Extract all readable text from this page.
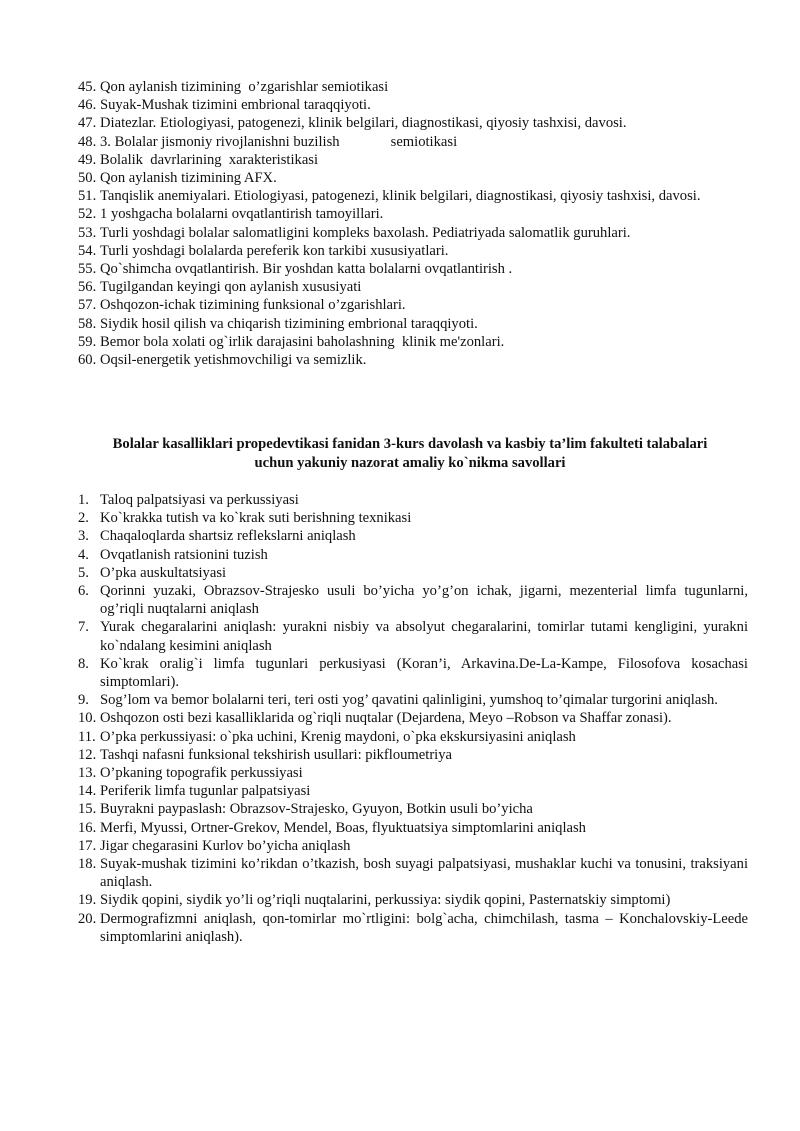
45. Qon aylanish tizimining  o’zgarishlar semiotikasi
46. Suyak-Mushak tizimini embrional taraqqiyoti.
47. Diatezlar. Etiologiyasi, patogenezi, klinik belgilari, diagnostikasi, qiyosiy tashxisi, davosi.
48. 3. Bolalar jismoniy rivojlanishni buzilish              semiotikasi
49. Bolalik  davrlarining  xarakteristikasi
50. Qon aylanish tizimining AFX.
51. Tanqislik anemiyalari. Etiologiyasi, patogenezi, klinik belgilari, diagnostikasi, qiyosiy tashxisi, davosi.
52. 1 yoshgacha bolalarni ovqatlantirish tamoyillari.
53. Turli yoshdagi bolalar salomatligini kompleks baxolash. Pediatriyada salomatlik guruhlari.
54. Turli yoshdagi bolalarda pereferik kon tarkibi xususiyatlari.
55. Qo`shimcha ovqatlantirish. Bir yoshdan katta bolalarni ovqatlantirish .
56. Tugilgandan keyingi qon aylanish xususiyati
57. Oshqozon-ichak tizimining funksional o’zgarishlari.
58. Siydik hosil qilish va chiqarish tizimining embrional taraqqiyoti.
59. Bemor bola xolati og`irlik darajasini baholashning  klinik me'zonlari.
60. Oqsil-energetik yetishmovchiligi va semizlik.
Bolalar kasalliklari propedevtikasi fanidan 3-kurs davolash va kasbiy ta’lim fakulteti talabalari
uchun yakuniy nazorat amaliy ko`nikma savollari
1. Taloq palpatsiyasi va perkussiyasi
2. Ko`krakka tutish va ko`krak suti berishning texnikasi
3. Chaqaloqlarda shartsiz reflekslarni aniqlash
4. Ovqatlanish ratsionini tuzish
5. O’pka auskultatsiyasi
6. Qorinni yuzaki, Obrazsov-Strajesko usuli bo’yicha yo’g’on ichak, jigarni, mezenterial limfa tugunlarni, og’riqli nuqtalarni aniqlash
7. Yurak chegaralarini aniqlash: yurakni nisbiy va absolyut chegaralarini, tomirlar tutami kengligini, yurakni ko`ndalang kesimini aniqlash
8. Ko`krak oralig`i limfa tugunlari perkusiyasi (Koran’i, Arkavina.De-La-Kampe, Filosofova kosachasi simptomlari).
9. Sog’lom va bemor bolalarni teri, teri osti yog’ qavatini qalinligini, yumshoq to’qimalar turgorini aniqlash.
10. Oshqozon osti bezi kasalliklarida og`riqli nuqtalar (Dejardena, Meyo –Robson va Shaffar zonasi).
11. O’pka perkussiyasi: o`pka uchini, Krenig maydoni, o`pka ekskursiyasini aniqlash
12. Tashqi nafasni funksional tekshirish usullari: pikfloumetriya
13. O’pkaning topografik perkussiyasi
14. Periferik limfa tugunlar palpatsiyasi
15. Buyrakni paypaslash: Obrazsov-Strajesko, Gyuyon, Botkin usuli bo’yicha
16. Merfi, Myussi, Ortner-Grekov, Mendel, Boas, flyuktuatsiya simptomlarini aniqlash
17. Jigar chegarasini Kurlov bo’yicha aniqlash
18. Suyak-mushak tizimini ko’rikdan o’tkazish, bosh suyagi palpatsiyasi, mushaklar kuchi va tonusini, traksiyani aniqlash.
19. Siydik qopini, siydik yo’li og’riqli nuqtalarini, perkussiya: siydik qopini, Pasternatskiy simptomi)
20. Dermografizmni aniqlash, qon-tomirlar mo`rtligini: bolg`acha, chimchilash, tasma – Konchalovskiy-Leede simptomlarini aniqlash).
